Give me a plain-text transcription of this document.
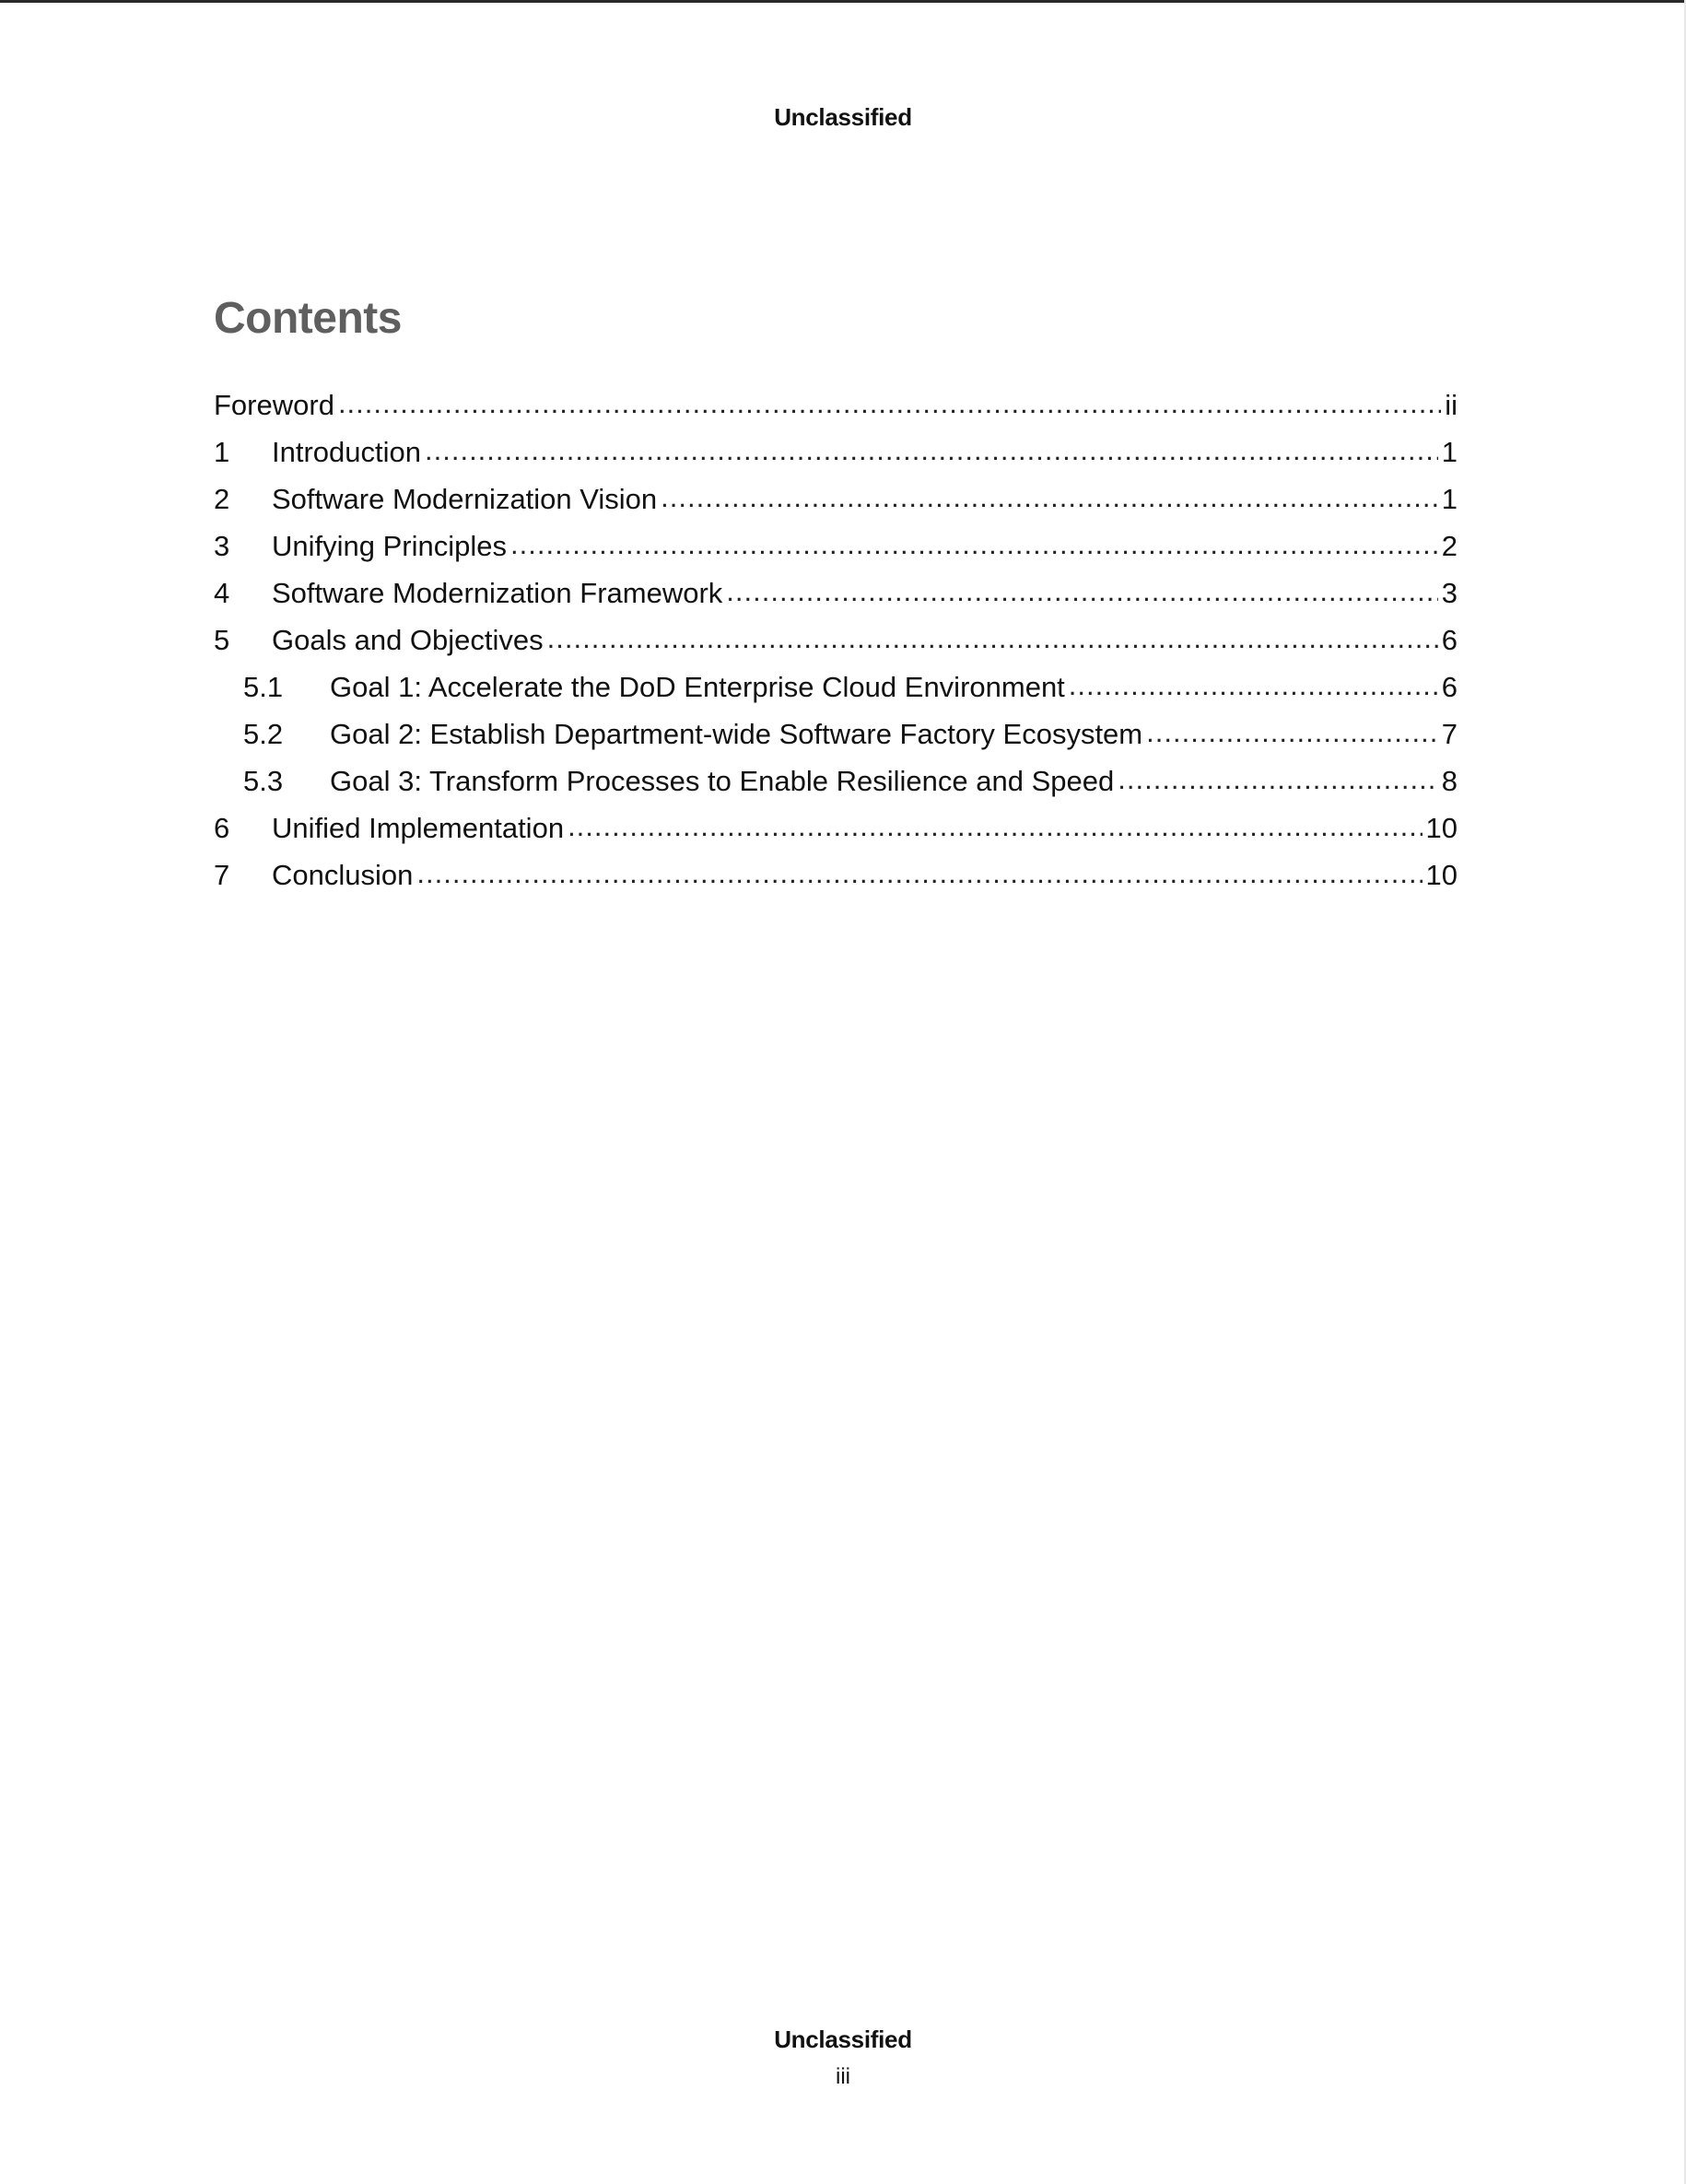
Unclassified
Contents
Foreword .....	ii
1	Introduction .....	1
2	Software Modernization Vision .....	1
3	Unifying Principles .....	2
4	Software Modernization Framework .....	3
5	Goals and Objectives .....	6
5.1	Goal 1: Accelerate the DoD Enterprise Cloud Environment .....	6
5.2	Goal 2: Establish Department-wide Software Factory Ecosystem .....	7
5.3	Goal 3: Transform Processes to Enable Resilience and Speed .....	8
6	Unified Implementation .....	10
7	Conclusion .....	10
Unclassified
iii
